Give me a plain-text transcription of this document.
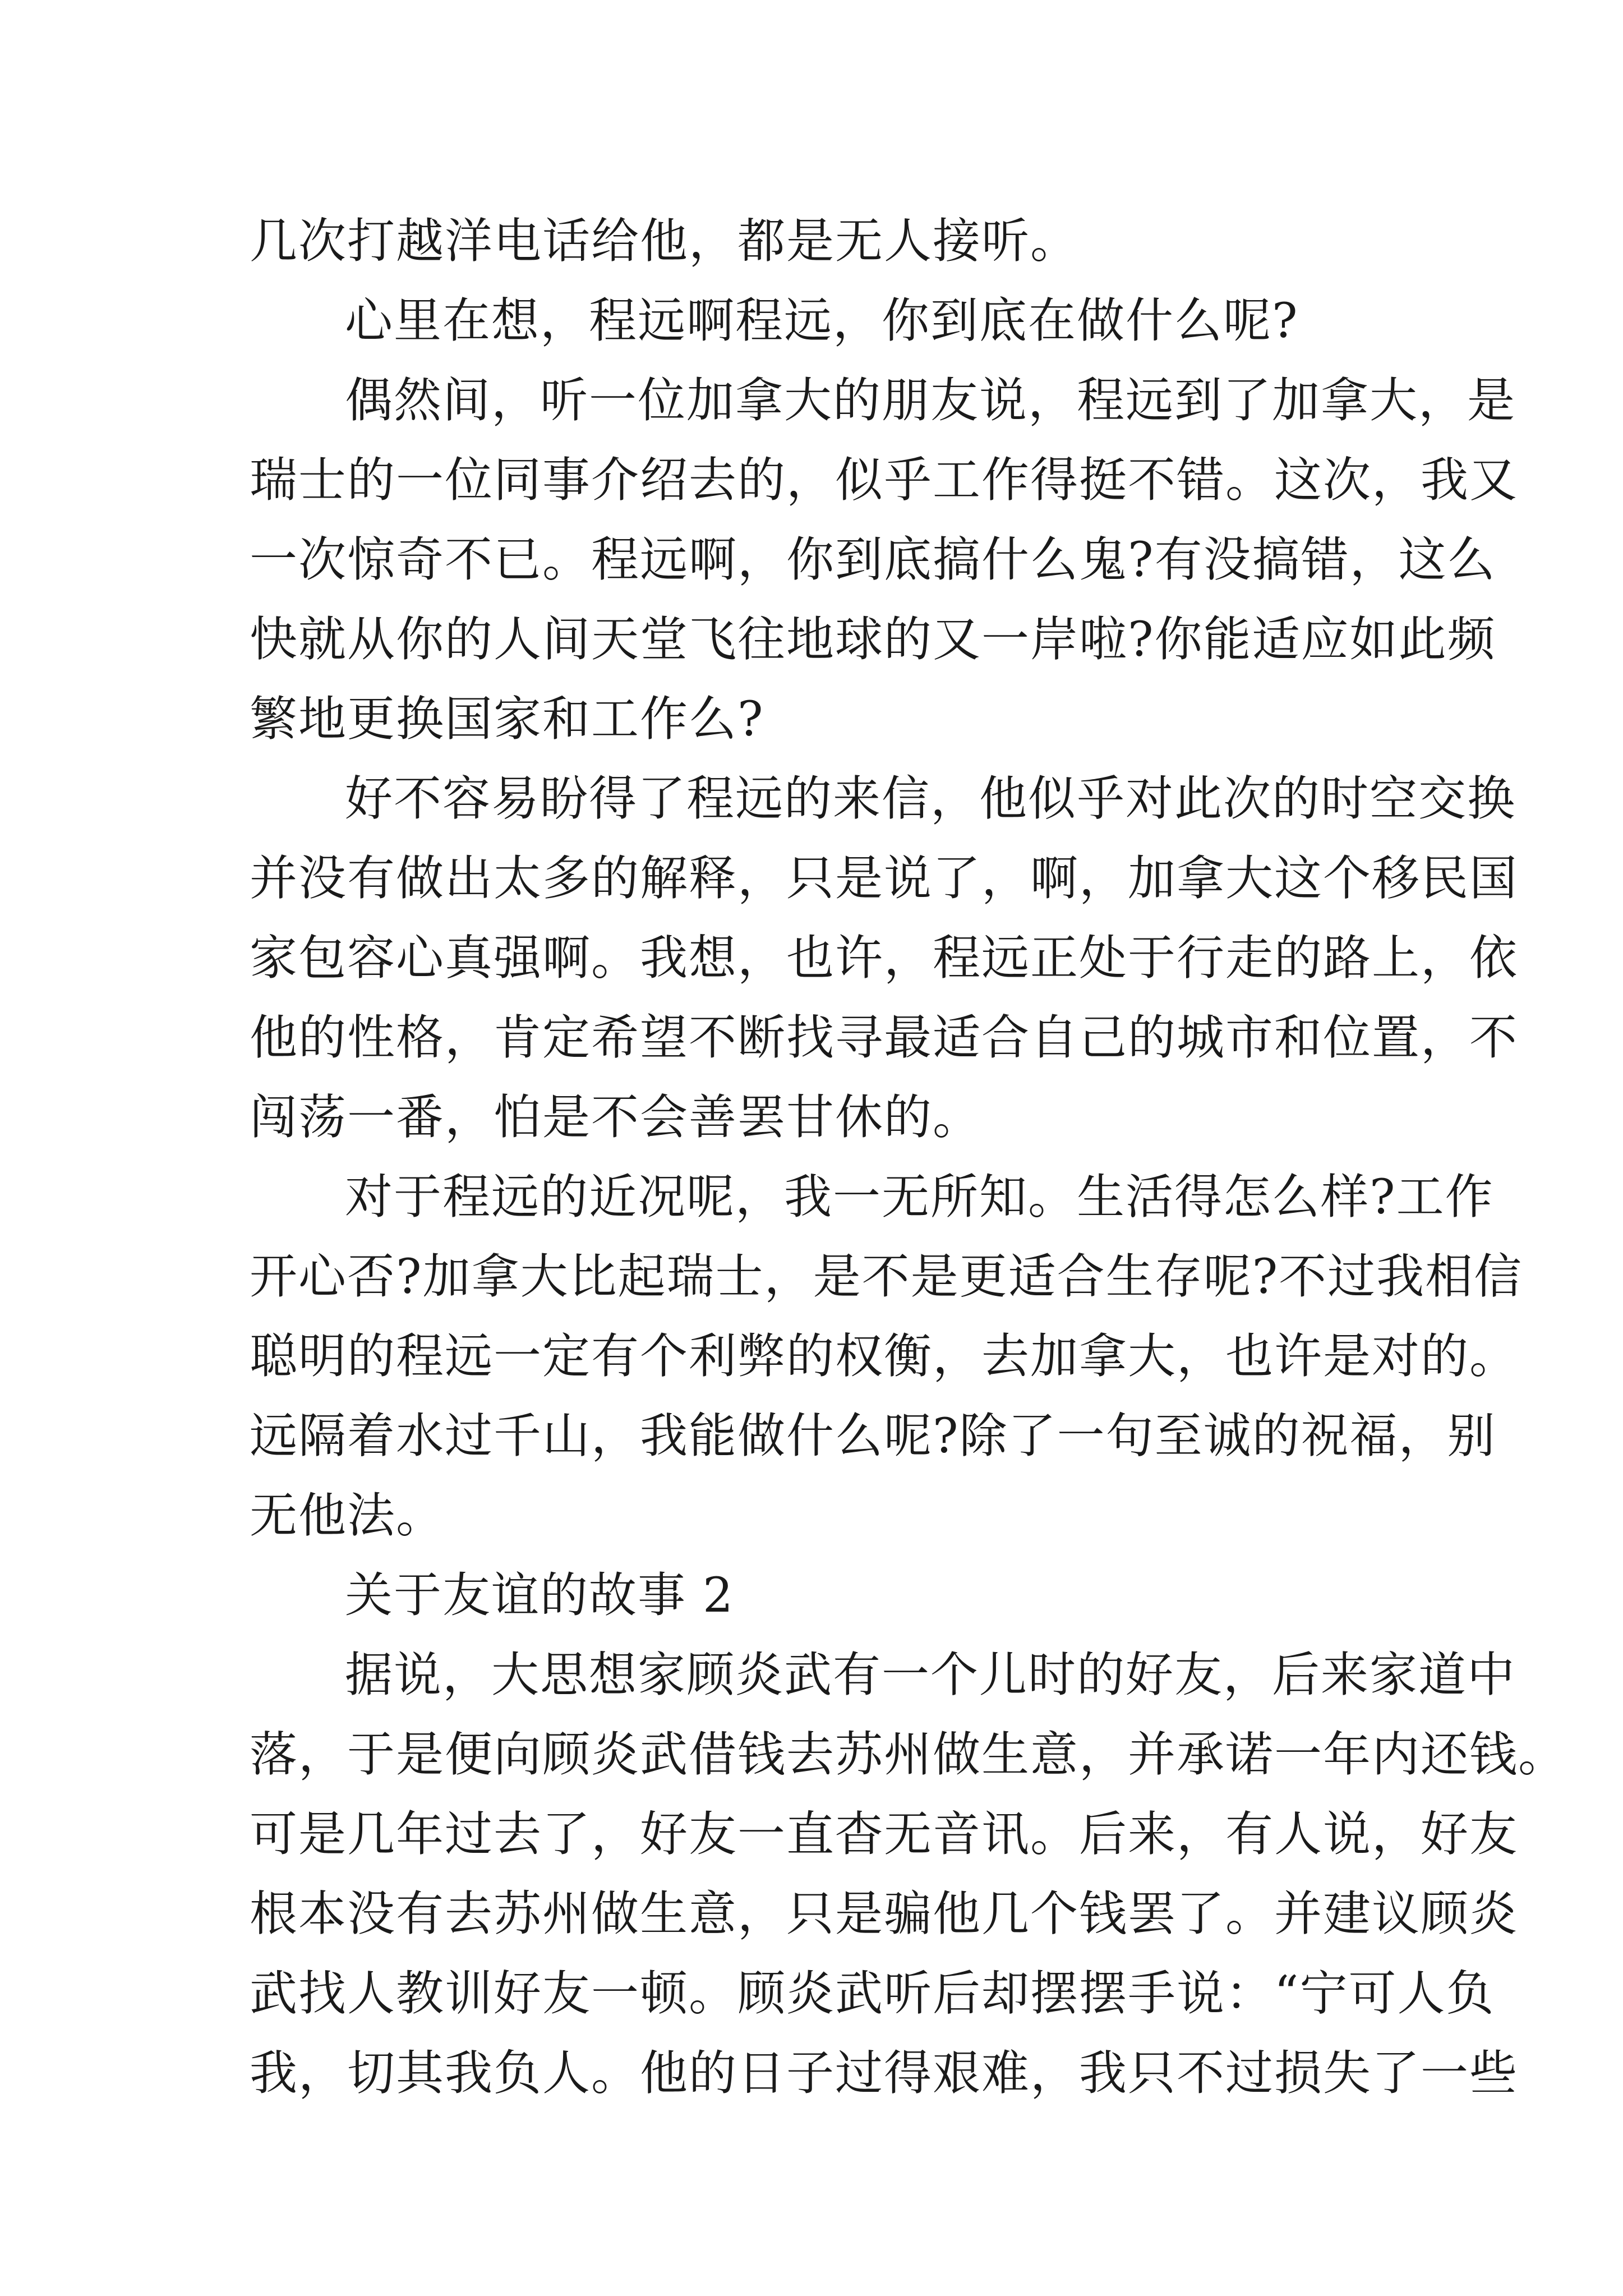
几次打越洋电话给他，都是无人接听。

心里在想，程远啊程远，你到底在做什么呢?

偶然间，听一位加拿大的朋友说，程远到了加拿大，是
瑞士的一位同事介绍去的，似乎工作得挺不错。这次，我又
一次惊奇不已。程远啊，你到底搞什么鬼?有没搞错，这么
快就从你的人间天堂飞往地球的又一岸啦?你能适应如此频
繁地更换国家和工作么?

好不容易盼得了程远的来信，他似乎对此次的时空交换
并没有做出太多的解释，只是说了，啊，加拿大这个移民国
家包容心真强啊。我想，也许，程远正处于行走的路上，依
他的性格，肯定希望不断找寻最适合自己的城市和位置，不
闯荡一番，怕是不会善罢甘休的。

对于程远的近况呢，我一无所知。生活得怎么样?工作
开心否?加拿大比起瑞士，是不是更适合生存呢?不过我相信
聪明的程远一定有个利弊的权衡，去加拿大，也许是对的。
远隔着水过千山，我能做什么呢?除了一句至诚的祝福，别
无他法。

关于友谊的故事 2

据说，大思想家顾炎武有一个儿时的好友，后来家道中
落，于是便向顾炎武借钱去苏州做生意，并承诺一年内还钱。
可是几年过去了，好友一直杳无音讯。后来，有人说，好友
根本没有去苏州做生意，只是骗他几个钱罢了。并建议顾炎
武找人教训好友一顿。顾炎武听后却摆摆手说：“宁可人负
我，切其我负人。他的日子过得艰难，我只不过损失了一些
